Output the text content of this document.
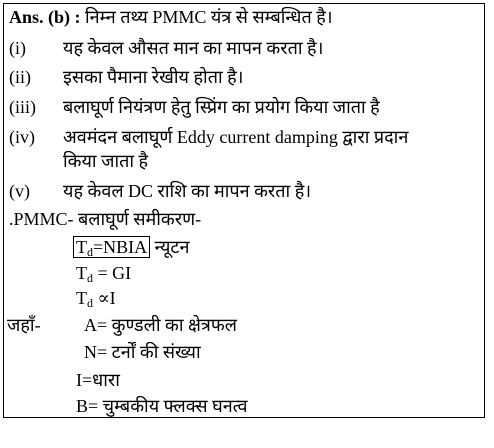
Ans. (b) : निम्न तथ्य PMMC यंत्र से सम्बन्धित है।
(i)	यह केवल औसत मान का मापन करता है।
(ii)	इसका पैमाना रेखीय होता है।
(iii)	बलाघूर्ण नियंत्रण हेतु स्प्रिंग का प्रयोग किया जाता है
(iv)	अवमंदन बलाघूर्ण Eddy current damping द्वारा प्रदान
किया जाता है
(v)	यह केवल DC राशि का मापन करता है।
.PMMC- बलाघूर्ण समीकरण-
$T_d=NBIA$ न्यूटन
$T_d$ = GI
$T_d \propto I$
जहाँ- A= कुण्डली का क्षेत्रफल
N= टर्नों की संख्या
I=धारा
B= चुम्बकीय फ्लक्स घनत्व
